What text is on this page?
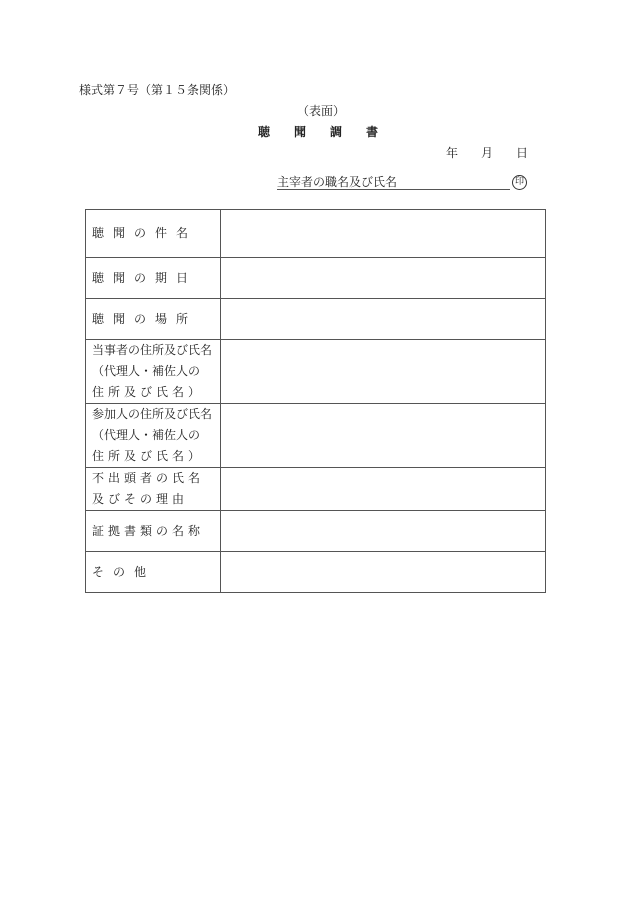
様式第７号（第１５条関係）
（表面）
聴 聞 調 書
年 月 日
主宰者の職名及び氏名	印
聴聞の件名	

聴聞の期日	

聴聞の場所	

当事者の住所及び氏名
（代理人・補佐人の
住所及び氏名）	

参加人の住所及び氏名
（代理人・補佐人の
住所及び氏名）	

不出頭者の氏名
及びその理由	

証拠書類の名称	

その他	
